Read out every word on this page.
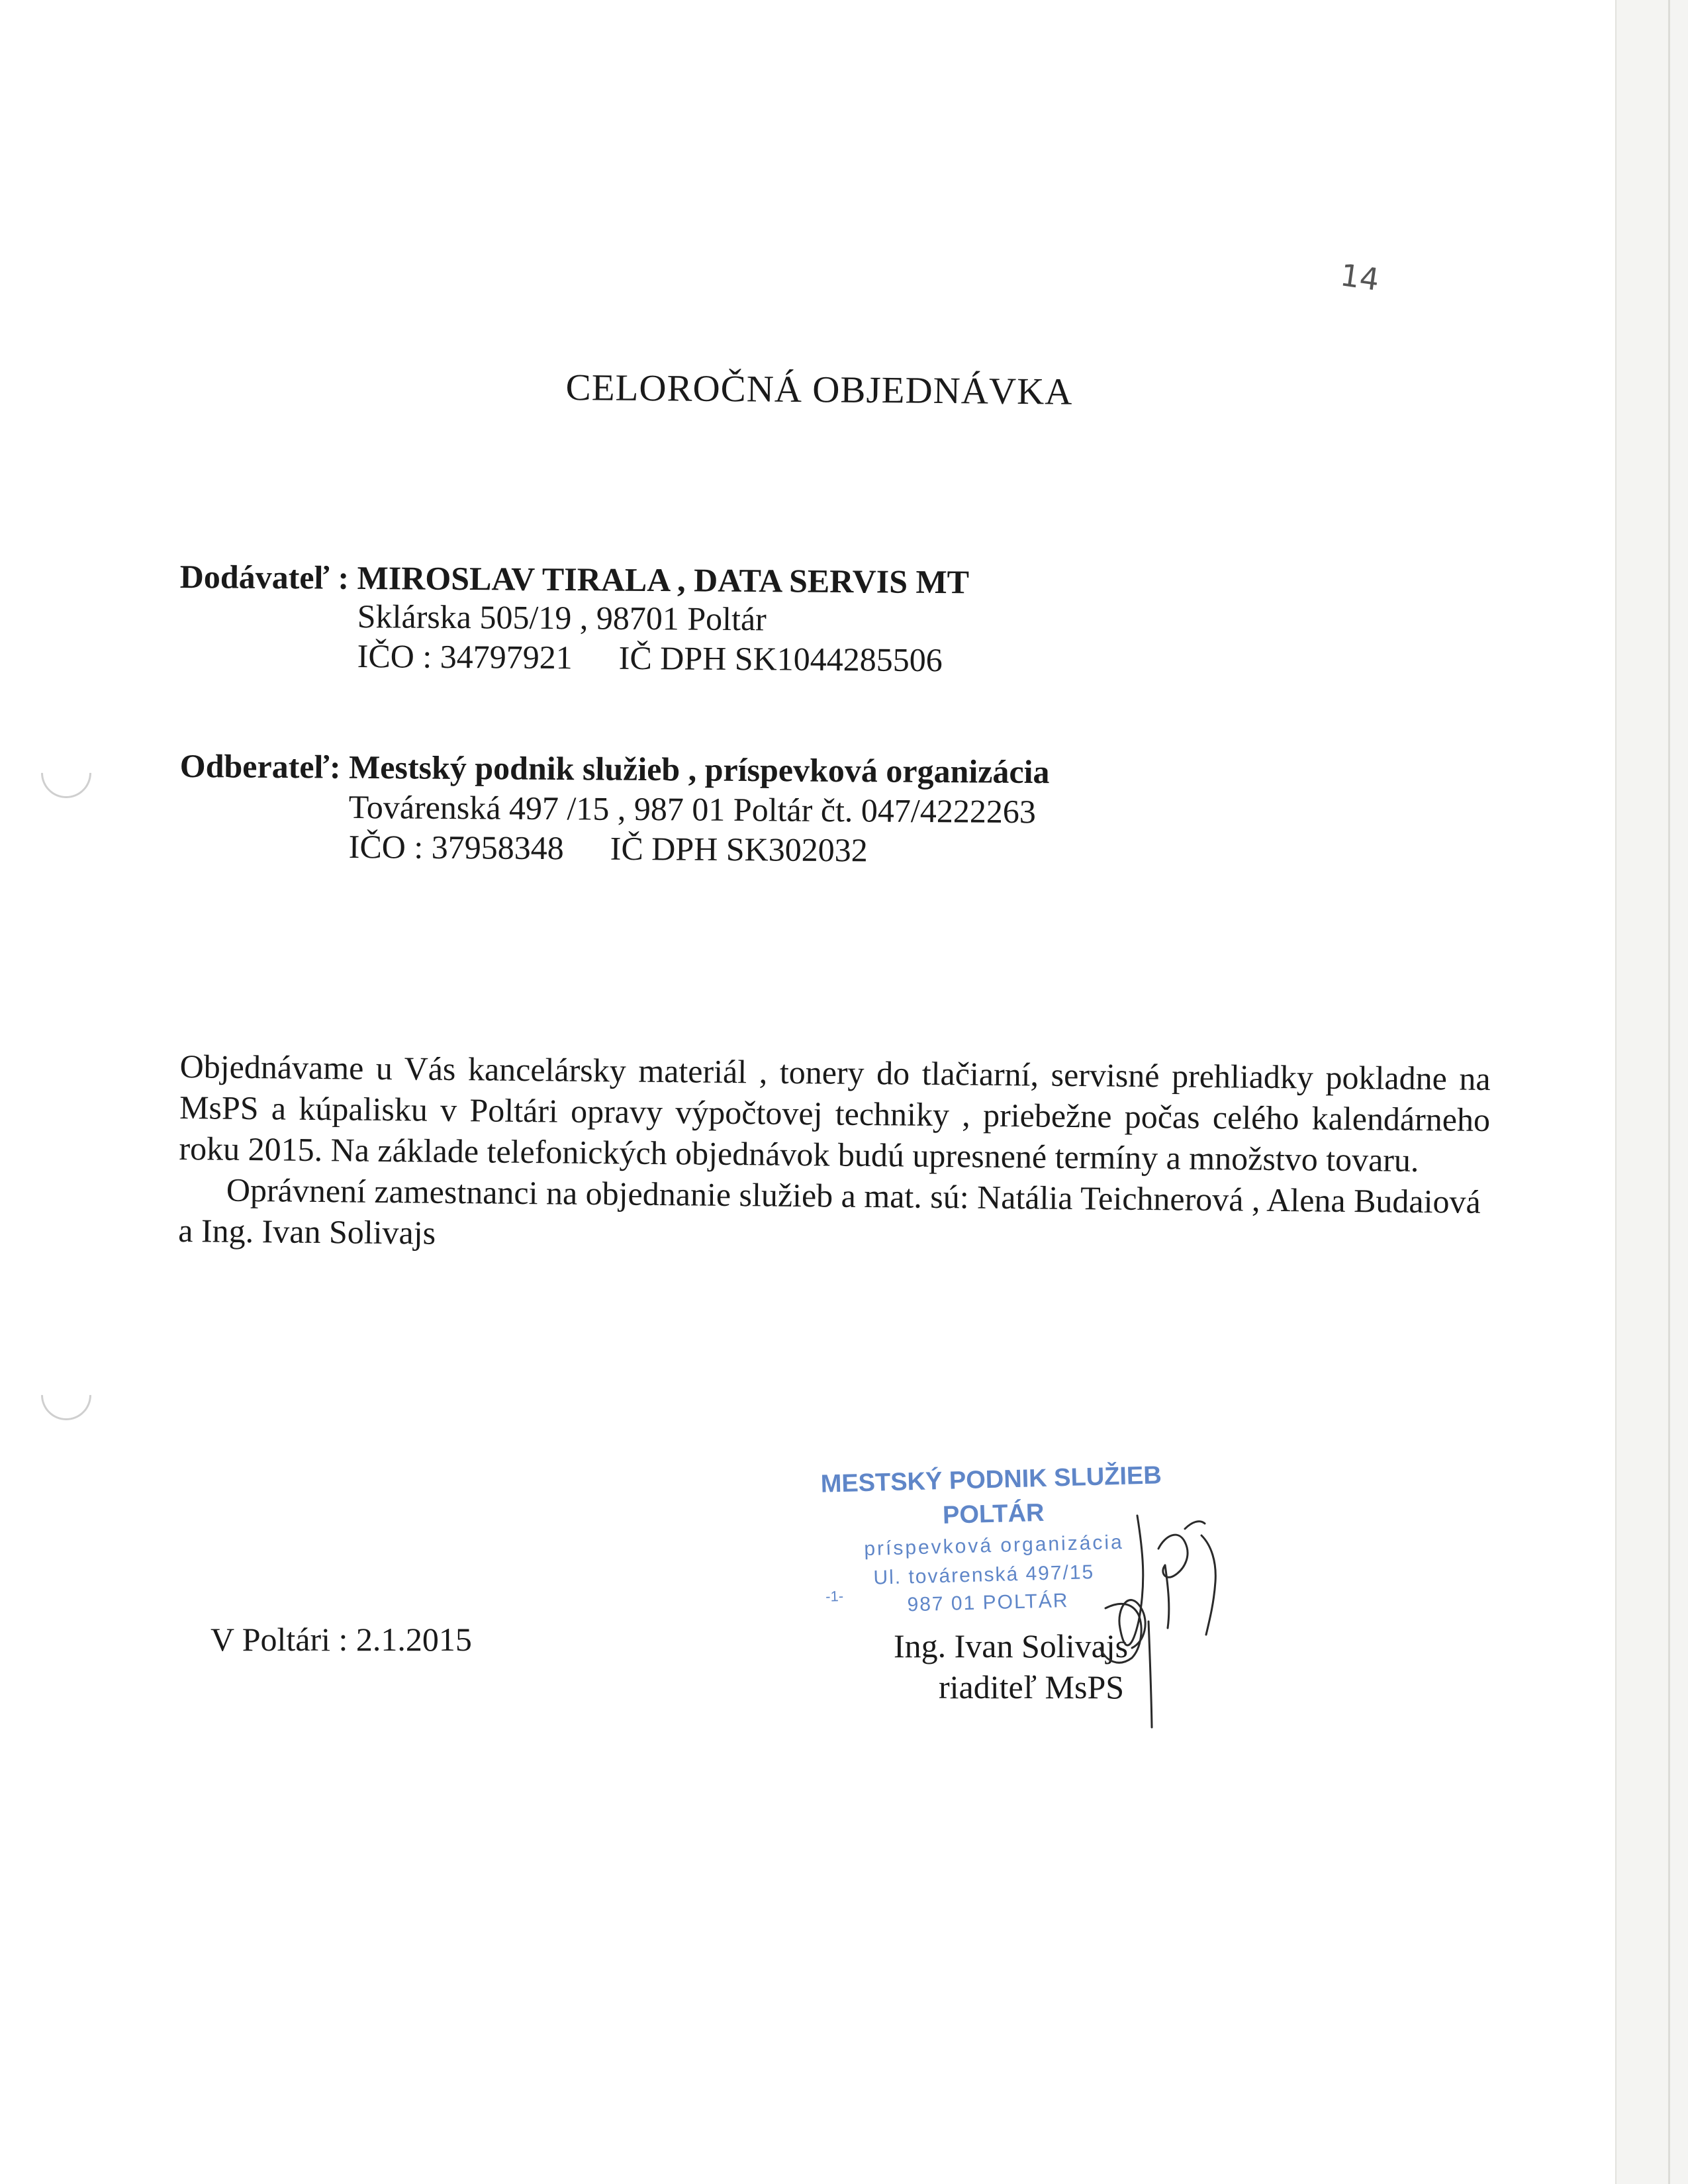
14
CELOROČNÁ OBJEDNÁVKA
Dodávateľ : MIROSLAV TIRALA , DATA SERVIS MT
Sklárska 505/19 , 98701 Poltár
IČO : 34797921 IČ DPH SK1044285506
Odberateľ: Mestský podnik služieb , príspevková organizácia
Továrenská 497 /15 , 987 01 Poltár čt. 047/4222263
IČO : 37958348 IČ DPH SK302032
Objednávame u Vás kancelársky materiál , tonery do tlačiarní, servisné prehliadky pokladne na
MsPS a kúpalisku v Poltári opravy výpočtovej techniky , priebežne počas celého kalendárneho
roku 2015. Na základe telefonických objednávok budú upresnené termíny a množstvo tovaru.
Oprávnení zamestnanci na objednanie služieb a mat. sú: Natália Teichnerová , Alena Budaiová
a Ing. Ivan Solivajs
V Poltári : 2.1.2015
MESTSKÝ PODNIK SLUŽIEB
POLTÁR
príspevková organizácia
Ul. továrenská 497/15
987 01 POLTÁR
-1-
Ing. Ivan Solivajs
riaditeľ MsPS
